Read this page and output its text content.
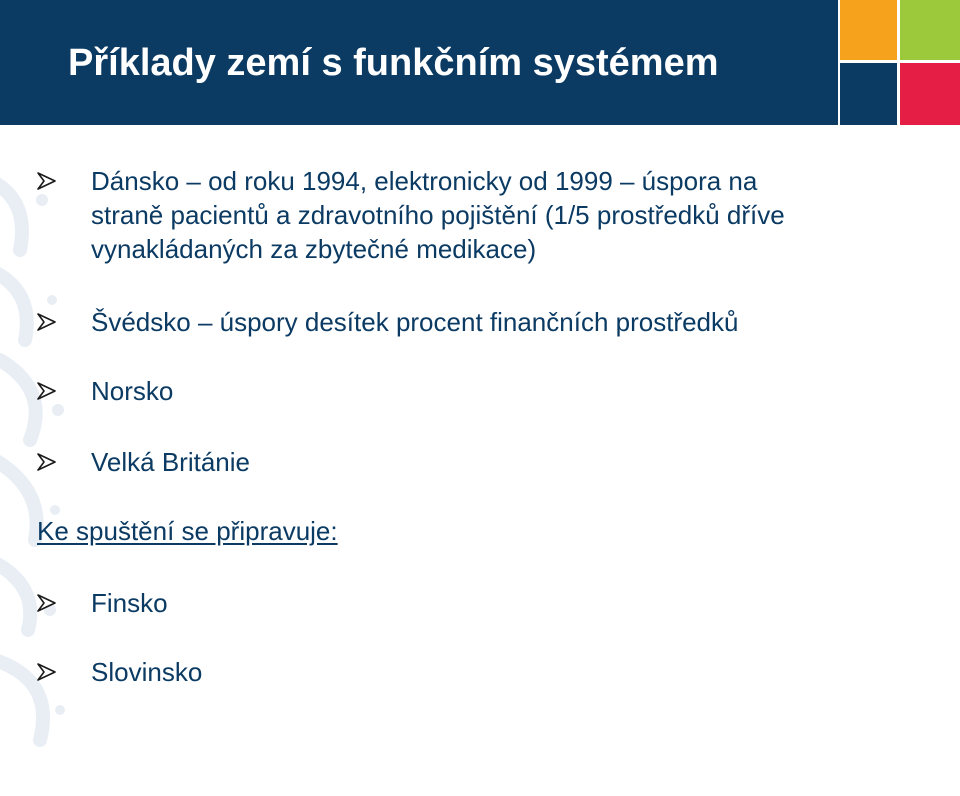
Příklady zemí s funkčním systémem

Dánsko – od roku 1994, elektronicky od 1999 – úspora na

straně pacientů a zdravotního pojištění (1/5 prostředků dříve

vynakládaných za zbytečné medikace)

Švédsko – úspory desítek procent finančních prostředků

Norsko

Velká Británie

Ke spuštění se připravuje:

Finsko

Slovinsko
